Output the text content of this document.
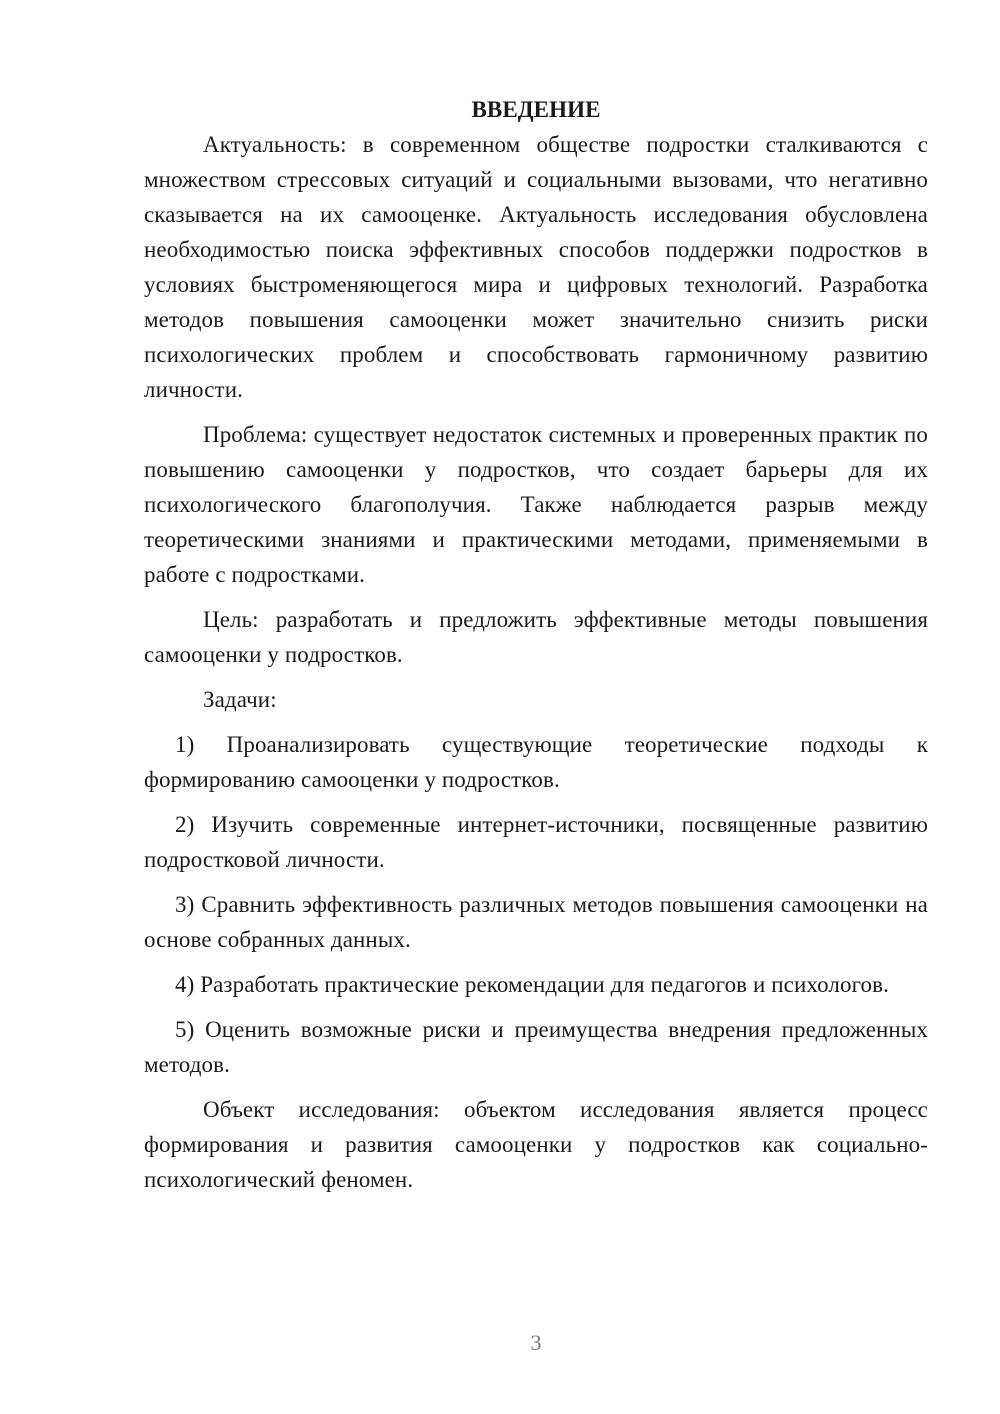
ВВЕДЕНИЕ

Актуальность: в современном обществе подростки сталкиваются с множеством стрессовых ситуаций и социальными вызовами, что негативно сказывается на их самооценке. Актуальность исследования обусловлена необходимостью поиска эффективных способов поддержки подростков в условиях быстроменяющегося мира и цифровых технологий. Разработка методов повышения самооценки может значительно снизить риски психологических проблем и способствовать гармоничному развитию личности.

Проблема: существует недостаток системных и проверенных практик по повышению самооценки у подростков, что создает барьеры для их психологического благополучия. Также наблюдается разрыв между теоретическими знаниями и практическими методами, применяемыми в работе с подростками.

Цель: разработать и предложить эффективные методы повышения самооценки у подростков.

Задачи:

1) Проанализировать существующие теоретические подходы к формированию самооценки у подростков.

2) Изучить современные интернет-источники, посвященные развитию подростковой личности.

3) Сравнить эффективность различных методов повышения самооценки на основе собранных данных.

4) Разработать практические рекомендации для педагогов и психологов.

5) Оценить возможные риски и преимущества внедрения предложенных методов.

Объект исследования: объектом исследования является процесс формирования и развития самооценки у подростков как социально-психологический феномен.

3
